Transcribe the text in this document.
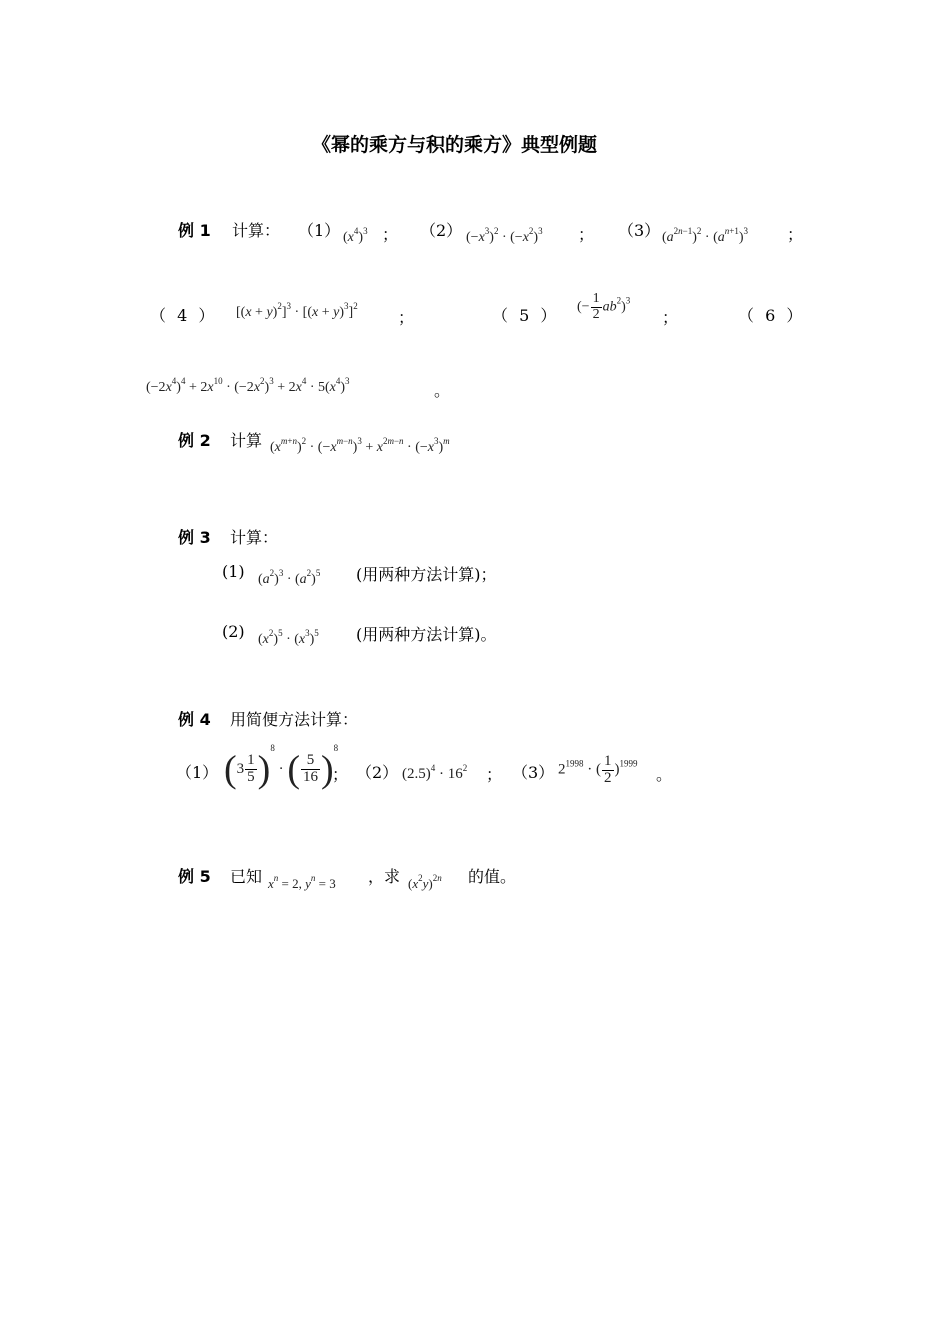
《幂的乘方与积的乘方》典型例题
例 1 计算： （1） $(x^4)^3$ ； （2） $(-x^3)^2 \cdot (-x^2)^3$ ； （3） $(a^{2n-1})^2 \cdot (a^{n+1})^3$ ；
（ 4 ） $[(x + y)^2]^3 \cdot [(x + y)^3]^2$
；	（ 5 ） (− $\frac{1}{2} ab^2)^3$
；	（ 6 ）
$(-2x^4)^4 + 2x^{10} \cdot (-2x^2)^3 + 2x^4 \cdot 5(x^4)^3$	。
例 2 计算 $(x^{m+n})^2 \cdot (-x^{m-n})^3 + x^{2m-n} \cdot (-x^3)^m$
例 3 计算：
(1) $(a^2)^3 \cdot (a^2)^5$ (用两种方法计算)；
(2) $(x^2)^5 \cdot (x^3)^5$ (用两种方法计算)。
例 4 用简便方法计算：
（1） $(3 \frac{1}{5} )^8$ · ( $\frac{5}{16} )^8$
； （2） $(2.5)^4 \cdot 16^2$ ； （3） $2^{1998}$ · ( $\frac{1}{2} )^{1999}$
。
例 5 已知 $x^n = 2$, $y^n = 3$ ，求 $(x^2y)^{2n}$ 的值。
